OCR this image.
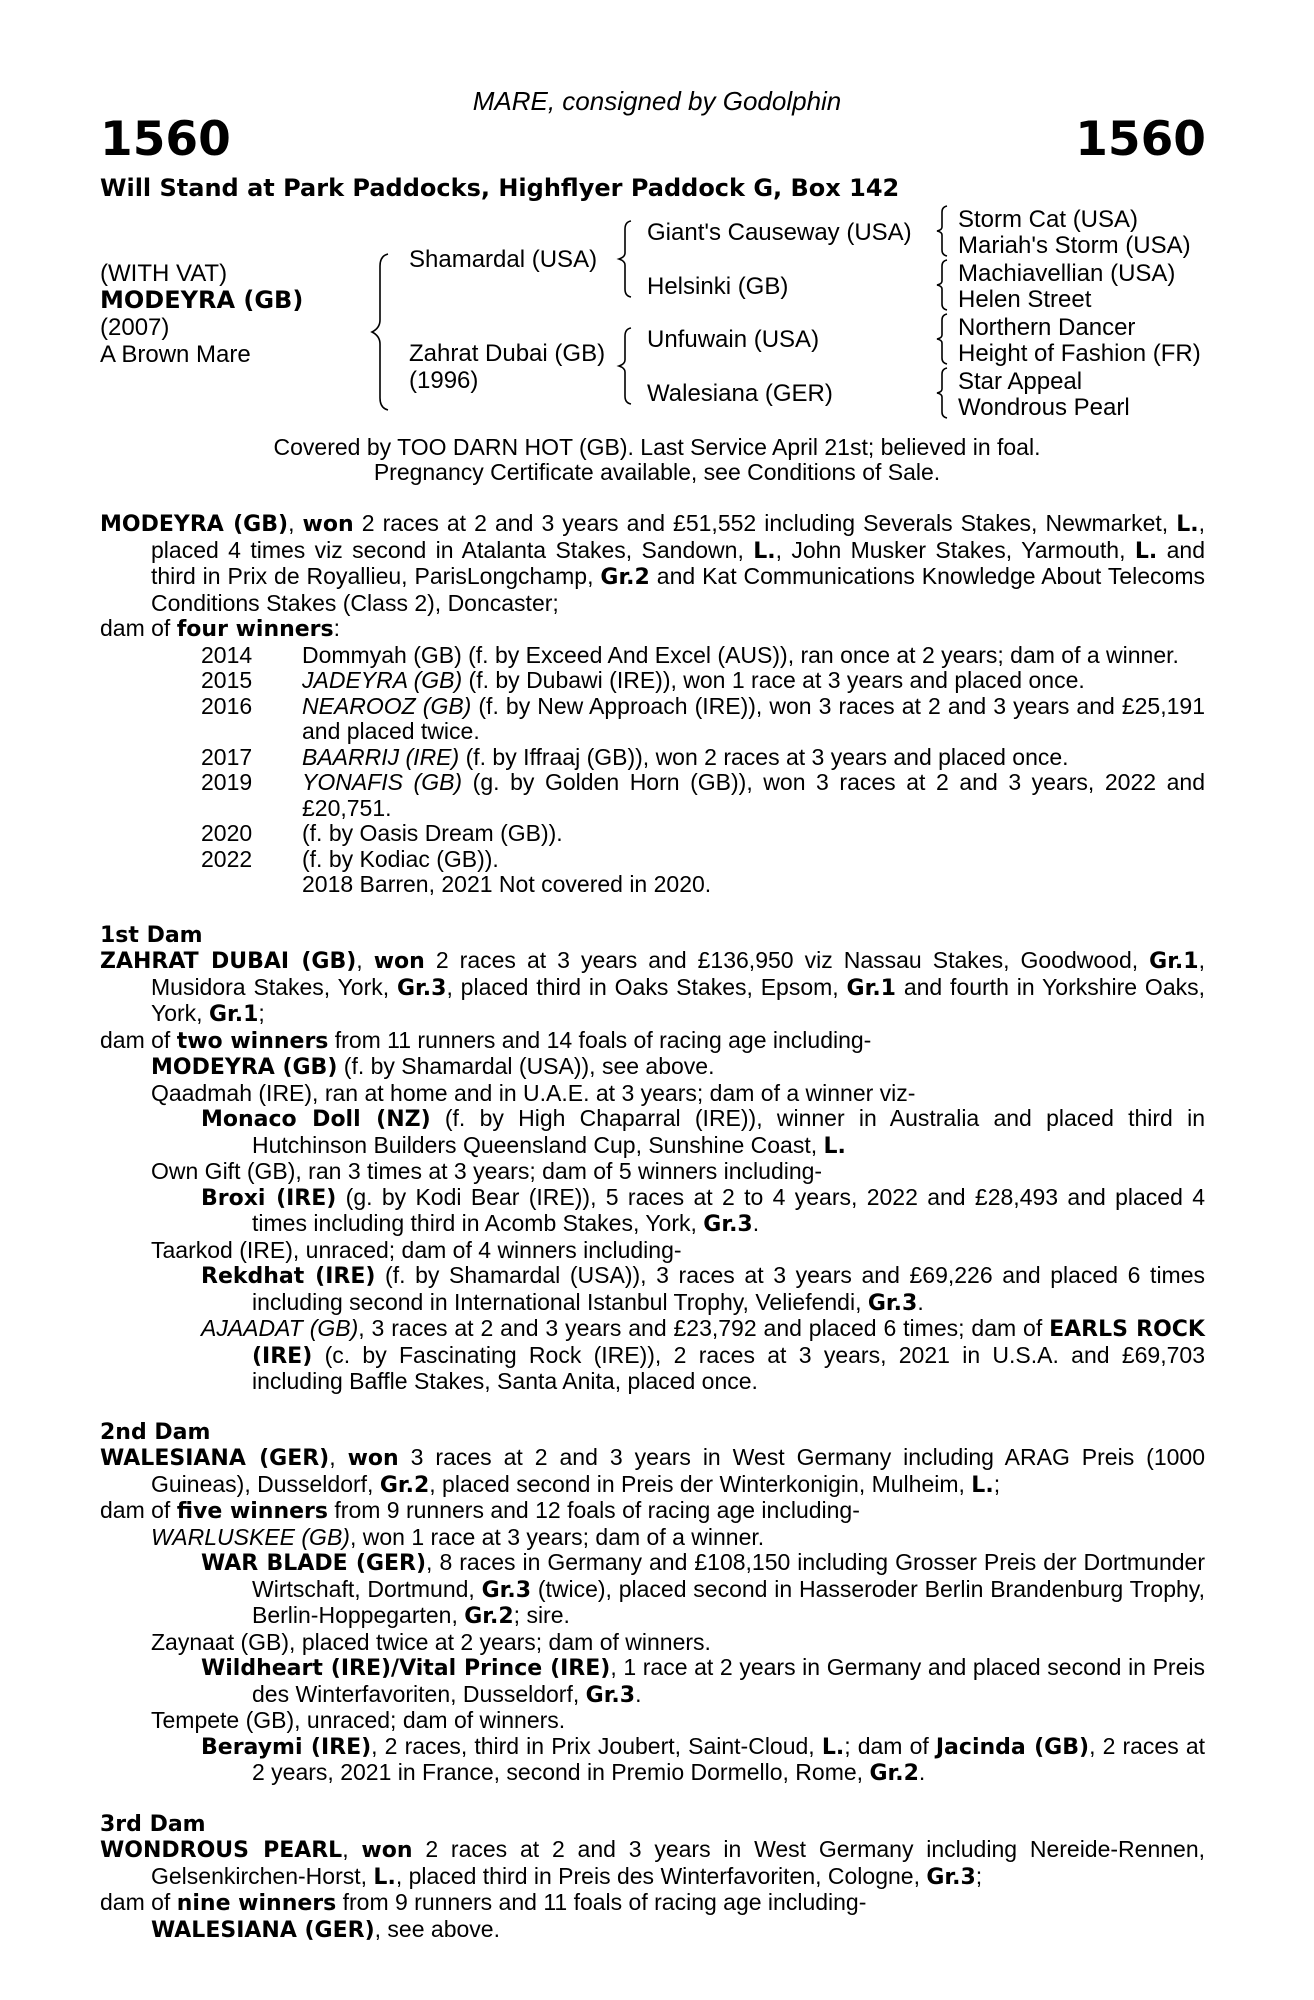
MARE, consigned by Godolphin
1560	1560
Will Stand at Park Paddocks, Highflyer Paddock G, Box 142
(WITH VAT)
MODEYRA (GB)
(2007)
A Brown Mare
Shamardal (USA)
Zahrat Dubai (GB)
(1996)
Giant's Causeway (USA)
Helsinki (GB)
Unfuwain (USA)
Walesiana (GER)
Storm Cat (USA)
Mariah's Storm (USA)
Machiavellian (USA)
Helen Street
Northern Dancer
Height of Fashion (FR)
Star Appeal
Wondrous Pearl
Covered by TOO DARN HOT (GB). Last Service April 21st; believed in foal.
Pregnancy Certificate available, see Conditions of Sale.
MODEYRA (GB), won 2 races at 2 and 3 years and £51,552 including Severals Stakes, Newmarket, L., placed 4 times viz second in Atalanta Stakes, Sandown, L., John Musker Stakes, Yarmouth, L. and third in Prix de Royallieu, ParisLongchamp, Gr.2 and Kat Communications Knowledge About Telecoms Conditions Stakes (Class 2), Doncaster;
dam of four winners:
2014 Dommyah (GB) (f. by Exceed And Excel (AUS)), ran once at 2 years; dam of a winner.
2015 JADEYRA (GB) (f. by Dubawi (IRE)), won 1 race at 3 years and placed once.
2016 NEAROOZ (GB) (f. by New Approach (IRE)), won 3 races at 2 and 3 years and £25,191 and placed twice.
2017 BAARRIJ (IRE) (f. by Iffraaj (GB)), won 2 races at 3 years and placed once.
2019 YONAFIS (GB) (g. by Golden Horn (GB)), won 3 races at 2 and 3 years, 2022 and £20,751.
2020 (f. by Oasis Dream (GB)).
2022 (f. by Kodiac (GB)).
2018 Barren, 2021 Not covered in 2020.
1st Dam
ZAHRAT DUBAI (GB), won 2 races at 3 years and £136,950 viz Nassau Stakes, Goodwood, Gr.1, Musidora Stakes, York, Gr.3, placed third in Oaks Stakes, Epsom, Gr.1 and fourth in Yorkshire Oaks, York, Gr.1;
dam of two winners from 11 runners and 14 foals of racing age including-
MODEYRA (GB) (f. by Shamardal (USA)), see above.
Qaadmah (IRE), ran at home and in U.A.E. at 3 years; dam of a winner viz-
Monaco Doll (NZ) (f. by High Chaparral (IRE)), winner in Australia and placed third in Hutchinson Builders Queensland Cup, Sunshine Coast, L.
Own Gift (GB), ran 3 times at 3 years; dam of 5 winners including-
Broxi (IRE) (g. by Kodi Bear (IRE)), 5 races at 2 to 4 years, 2022 and £28,493 and placed 4 times including third in Acomb Stakes, York, Gr.3.
Taarkod (IRE), unraced; dam of 4 winners including-
Rekdhat (IRE) (f. by Shamardal (USA)), 3 races at 3 years and £69,226 and placed 6 times including second in International Istanbul Trophy, Veliefendi, Gr.3.
AJAADAT (GB), 3 races at 2 and 3 years and £23,792 and placed 6 times; dam of EARLS ROCK (IRE) (c. by Fascinating Rock (IRE)), 2 races at 3 years, 2021 in U.S.A. and £69,703 including Baffle Stakes, Santa Anita, placed once.
2nd Dam
WALESIANA (GER), won 3 races at 2 and 3 years in West Germany including ARAG Preis (1000 Guineas), Dusseldorf, Gr.2, placed second in Preis der Winterkonigin, Mulheim, L.;
dam of five winners from 9 runners and 12 foals of racing age including-
WARLUSKEE (GB), won 1 race at 3 years; dam of a winner.
WAR BLADE (GER), 8 races in Germany and £108,150 including Grosser Preis der Dortmunder Wirtschaft, Dortmund, Gr.3 (twice), placed second in Hasseroder Berlin Brandenburg Trophy, Berlin-Hoppegarten, Gr.2; sire.
Zaynaat (GB), placed twice at 2 years; dam of winners.
Wildheart (IRE)/Vital Prince (IRE), 1 race at 2 years in Germany and placed second in Preis des Winterfavoriten, Dusseldorf, Gr.3.
Tempete (GB), unraced; dam of winners.
Beraymi (IRE), 2 races, third in Prix Joubert, Saint-Cloud, L.; dam of Jacinda (GB), 2 races at 2 years, 2021 in France, second in Premio Dormello, Rome, Gr.2.
3rd Dam
WONDROUS PEARL, won 2 races at 2 and 3 years in West Germany including Nereide-Rennen, Gelsenkirchen-Horst, L., placed third in Preis des Winterfavoriten, Cologne, Gr.3;
dam of nine winners from 9 runners and 11 foals of racing age including-
WALESIANA (GER), see above.
